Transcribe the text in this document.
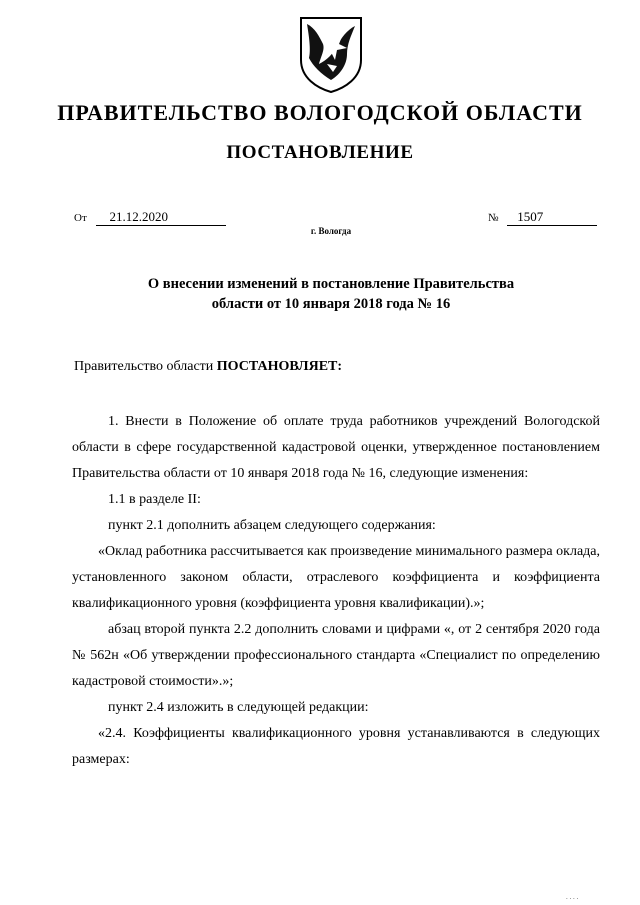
ПРАВИТЕЛЬСТВО ВОЛОГОДСКОЙ ОБЛАСТИ
ПОСТАНОВЛЕНИЕ
От 21.12.2020	№ 1507
г. Вологда
О внесении изменений в постановление Правительства
области от 10 января 2018 года № 16
Правительство области ПОСТАНОВЛЯЕТ:

1. Внести в Положение об оплате труда работников учреждений Вологодской области в сфере государственной кадастровой оценки, утвержденное постановлением Правительства области от 10 января 2018 года № 16, следующие изменения:

1.1 в разделе II:

пункт 2.1 дополнить абзацем следующего содержания:

«Оклад работника рассчитывается как произведение минимального размера оклада, установленного законом области, отраслевого коэффициента и коэффициента квалификационного уровня (коэффициента уровня квалификации).»;

абзац второй пункта 2.2 дополнить словами и цифрами «, от 2 сентября 2020 года № 562н «Об утверждении профессионального стандарта «Специалист по определению кадастровой стоимости».»;

пункт 2.4 изложить в следующей редакции:

«2.4. Коэффициенты квалификационного уровня устанавливаются в следующих размерах:

. . . .
